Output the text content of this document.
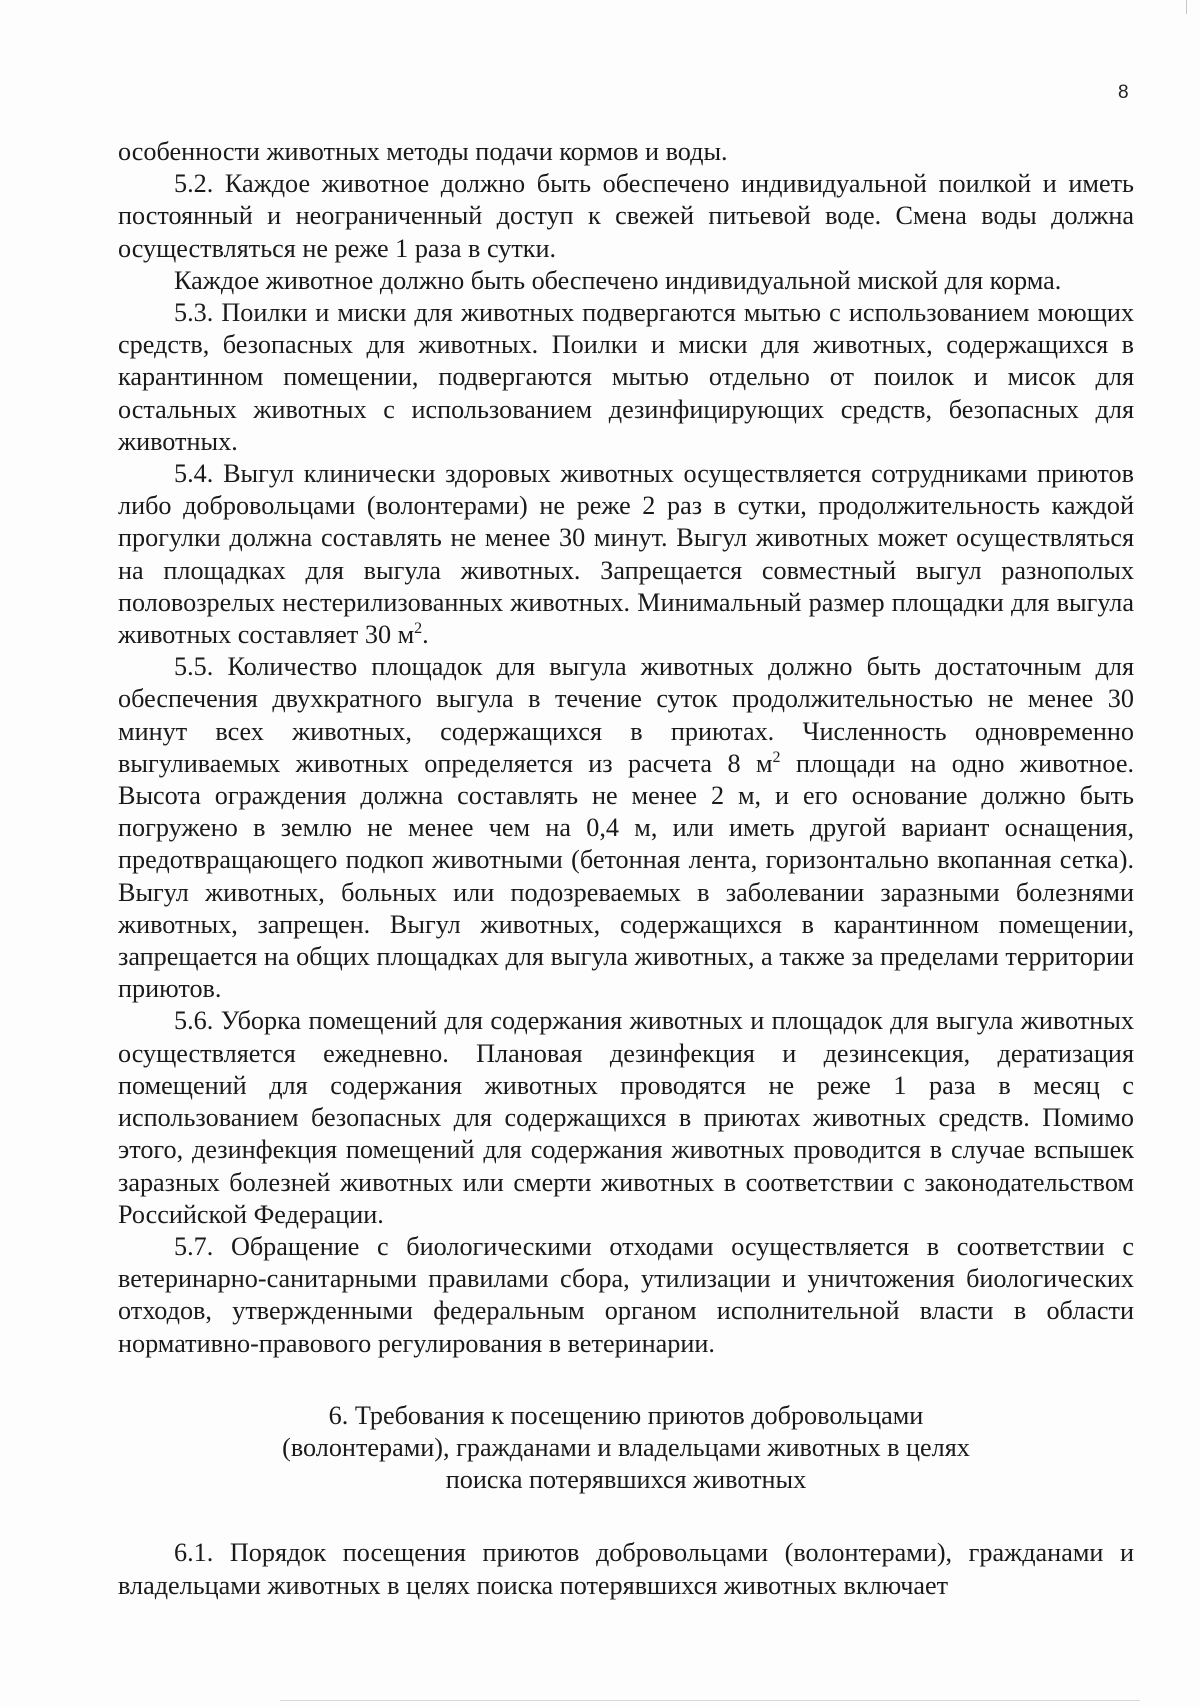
8

особенности животных методы подачи кормов и воды.

5.2. Каждое животное должно быть обеспечено индивидуальной поилкой и иметь постоянный и неограниченный доступ к свежей питьевой воде. Смена воды должна осуществляться не реже 1 раза в сутки.

Каждое животное должно быть обеспечено индивидуальной миской для корма.

5.3. Поилки и миски для животных подвергаются мытью с использованием моющих средств, безопасных для животных. Поилки и миски для животных, содержащихся в карантинном помещении, подвергаются мытью отдельно от поилок и мисок для остальных животных с использованием дезинфицирующих средств, безопасных для животных.

5.4. Выгул клинически здоровых животных осуществляется сотрудниками приютов либо добровольцами (волонтерами) не реже 2 раз в сутки, продолжительность каждой прогулки должна составлять не менее 30 минут. Выгул животных может осуществляться на площадках для выгула животных. Запрещается совместный выгул разнополых половозрелых нестерилизованных животных. Минимальный размер площадки для выгула животных составляет 30 $м^2$.

5.5. Количество площадок для выгула животных должно быть достаточным для обеспечения двухкратного выгула в течение суток продолжительностью не менее 30 минут всех животных, содержащихся в приютах. Численность одновременно выгуливаемых животных определяется из расчета 8 $м^2$ площади на одно животное. Высота ограждения должна составлять не менее 2 м, и его основание должно быть погружено в землю не менее чем на 0,4 м, или иметь другой вариант оснащения, предотвращающего подкоп животными (бетонная лента, горизонтально вкопанная сетка). Выгул животных, больных или подозреваемых в заболевании заразными болезнями животных, запрещен. Выгул животных, содержащихся в карантинном помещении, запрещается на общих площадках для выгула животных, а также за пределами территории приютов.

5.6. Уборка помещений для содержания животных и площадок для выгула животных осуществляется ежедневно. Плановая дезинфекция и дезинсекция, дератизация помещений для содержания животных проводятся не реже 1 раза в месяц с использованием безопасных для содержащихся в приютах животных средств. Помимо этого, дезинфекция помещений для содержания животных проводится в случае вспышек заразных болезней животных или смерти животных в соответствии с законодательством Российской Федерации.

5.7. Обращение с биологическими отходами осуществляется в соответствии с ветеринарно-санитарными правилами сбора, утилизации и уничтожения биологических отходов, утвержденными федеральным органом исполнительной власти в области нормативно-правового регулирования в ветеринарии.

6. Требования к посещению приютов добровольцами
(волонтерами), гражданами и владельцами животных в целях
поиска потерявшихся животных

6.1. Порядок посещения приютов добровольцами (волонтерами), гражданами и владельцами животных в целях поиска потерявшихся животных включает
